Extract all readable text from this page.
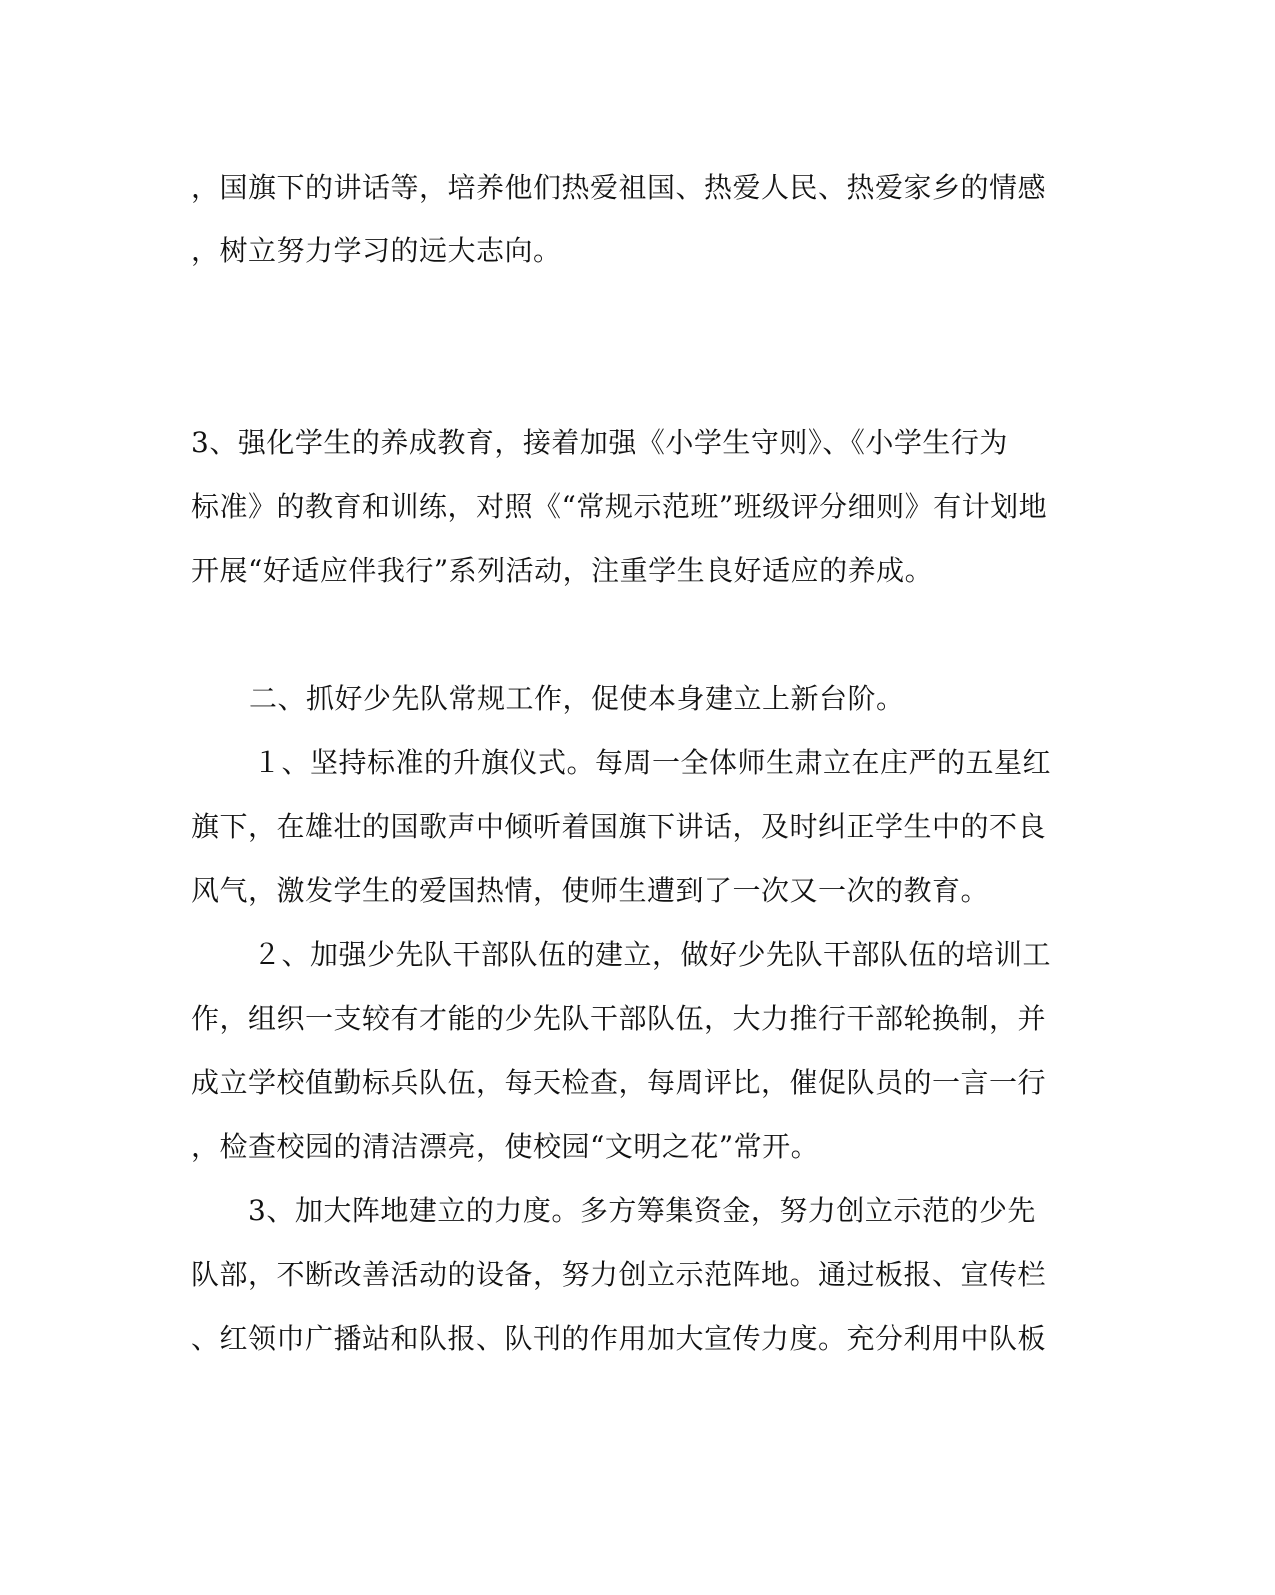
，国旗下的讲话等，培养他们热爱祖国、热爱人民、热爱家乡的情感
，树立努力学习的远大志向。
3、强化学生的养成教育，接着加强《小学生守则》、《小学生行为
标准》的教育和训练，对照《“常规示范班”班级评分细则》有计划地
开展“好适应伴我行”系列活动，注重学生良好适应的养成。
二、抓好少先队常规工作，促使本身建立上新台阶。
１、坚持标准的升旗仪式。每周一全体师生肃立在庄严的五星红
旗下，在雄壮的国歌声中倾听着国旗下讲话，及时纠正学生中的不良
风气，激发学生的爱国热情，使师生遭到了一次又一次的教育。
２、加强少先队干部队伍的建立，做好少先队干部队伍的培训工
作，组织一支较有才能的少先队干部队伍，大力推行干部轮换制，并
成立学校值勤标兵队伍，每天检查，每周评比，催促队员的一言一行
，检查校园的清洁漂亮，使校园“文明之花”常开。
3、加大阵地建立的力度。多方筹集资金，努力创立示范的少先
队部，不断改善活动的设备，努力创立示范阵地。通过板报、宣传栏
、红领巾广播站和队报、队刊的作用加大宣传力度。充分利用中队板
